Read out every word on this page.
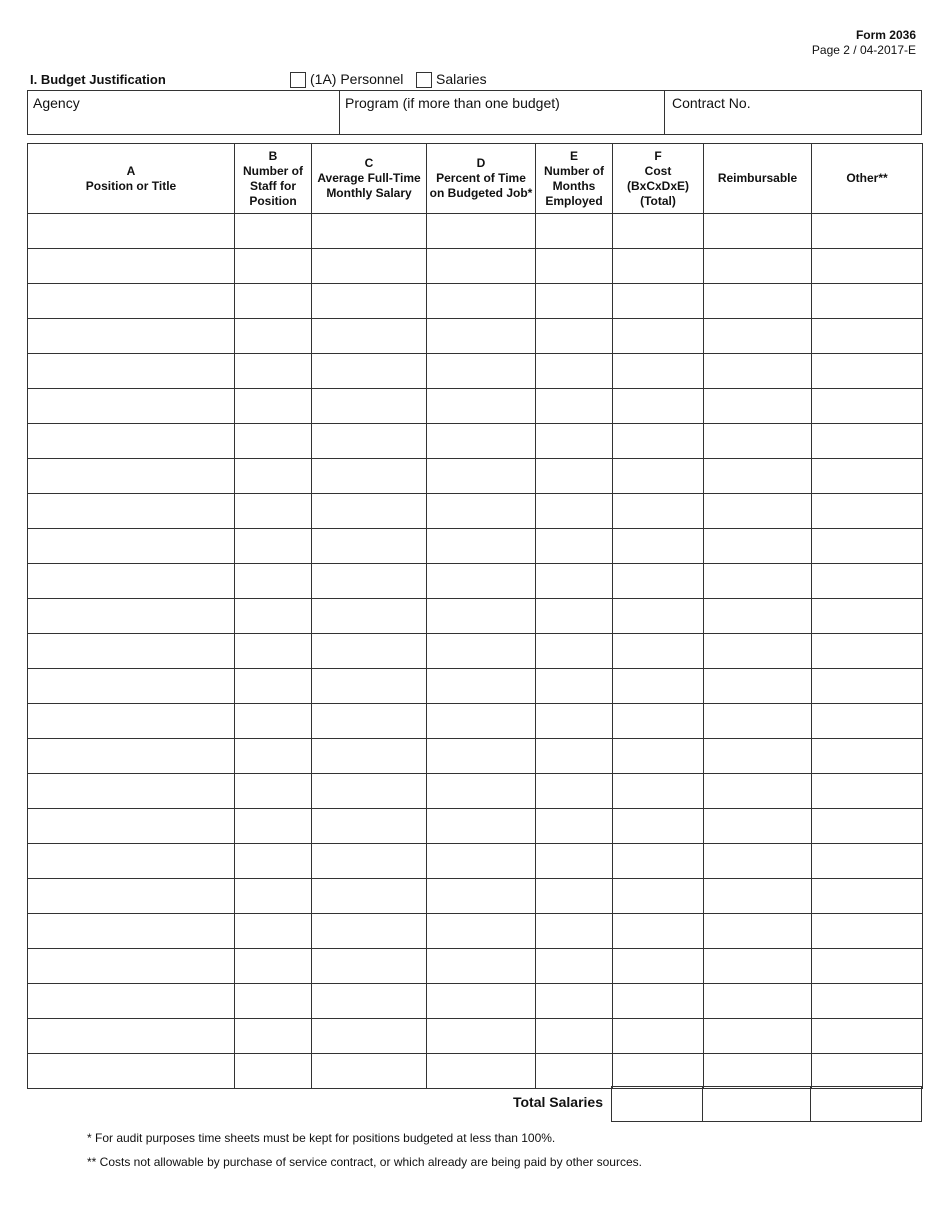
Form 2036
Page 2 / 04-2017-E
I. Budget Justification	(1A) Personnel Salaries
Agency	Program (if more than one budget)	Contract No.
A
Position or Title	B
Number of
Staff for
Position	C
Average Full-Time
Monthly Salary	D
Percent of Time
on Budgeted Job*	E
Number of
Months
Employed	F
Cost
(BxCxDxE)
(Total)	Reimbursable	Other**

Total Salaries

* For audit purposes time sheets must be kept for positions budgeted at less than 100%.
** Costs not allowable by purchase of service contract, or which already are being paid by other sources.
